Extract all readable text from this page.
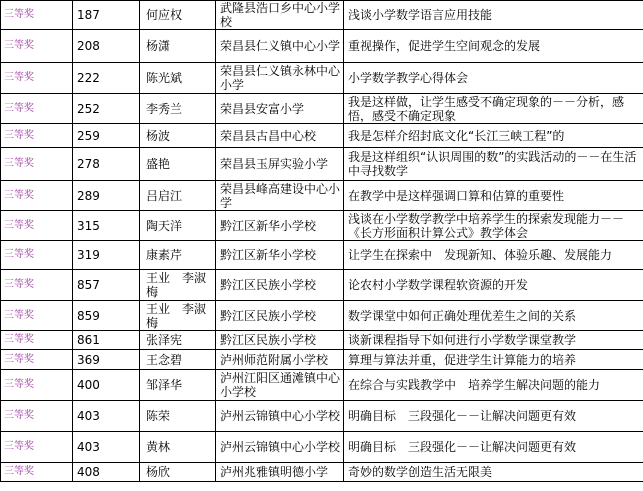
三等奖	187	何应权	武隆县浩口乡中心小学校	浅谈小学数学语言应用技能
三等奖	208	杨潇	荣昌县仁义镇中心小学	重视操作，促进学生空间观念的发展
三等奖	222	陈光斌	荣昌县仁义镇永林中心小学	小学数学教学心得体会
三等奖	252	李秀兰	荣昌县安富小学	我是这样做，让学生感受不确定现象的－－分析，感悟，感受不确定现象
三等奖	259	杨波	荣昌县古昌中心校	我是怎样介绍封底文化“长江三峡工程”的
三等奖	278	盛艳	荣昌县玉屏实验小学	我是这样组织“认识周围的数”的实践活动的－－在生活中寻找数学
三等奖	289	吕启江	荣昌县峰高建设中心小学	在教学中是这样强调口算和估算的重要性
三等奖	315	陶天洋	黔江区新华小学校	浅谈在小学数学教学中培养学生的探索发现能力－－《长方形面积计算公式》教学体会
三等奖	319	康素芹	黔江区新华小学校	让学生在探索中　发现新知、体验乐趣、发展能力
三等奖	857	王业　李淑梅	黔江区民族小学校	论农村小学数学课程软资源的开发
三等奖	859	王业　李淑梅	黔江区民族小学校	数学课堂中如何正确处理优差生之间的关系
三等奖	861	张泽宪	黔江区民族小学校	谈新课程指导下如何进行小学数学课堂教学
三等奖	369	王念碧	泸州师范附属小学校	算理与算法并重，促进学生计算能力的培养
三等奖	400	邹泽华	泸州江阳区通滩镇中心小学校	在综合与实践教学中　培养学生解决问题的能力
三等奖	403	陈荣	泸州云锦镇中心小学校	明确目标　三段强化－－让解决问题更有效
三等奖	403	黄林	泸州云锦镇中心小学校	明确目标　三段强化－－让解决问题更有效
三等奖	408	杨欣	泸州兆雅镇明德小学	奇妙的数学创造生活无限美
